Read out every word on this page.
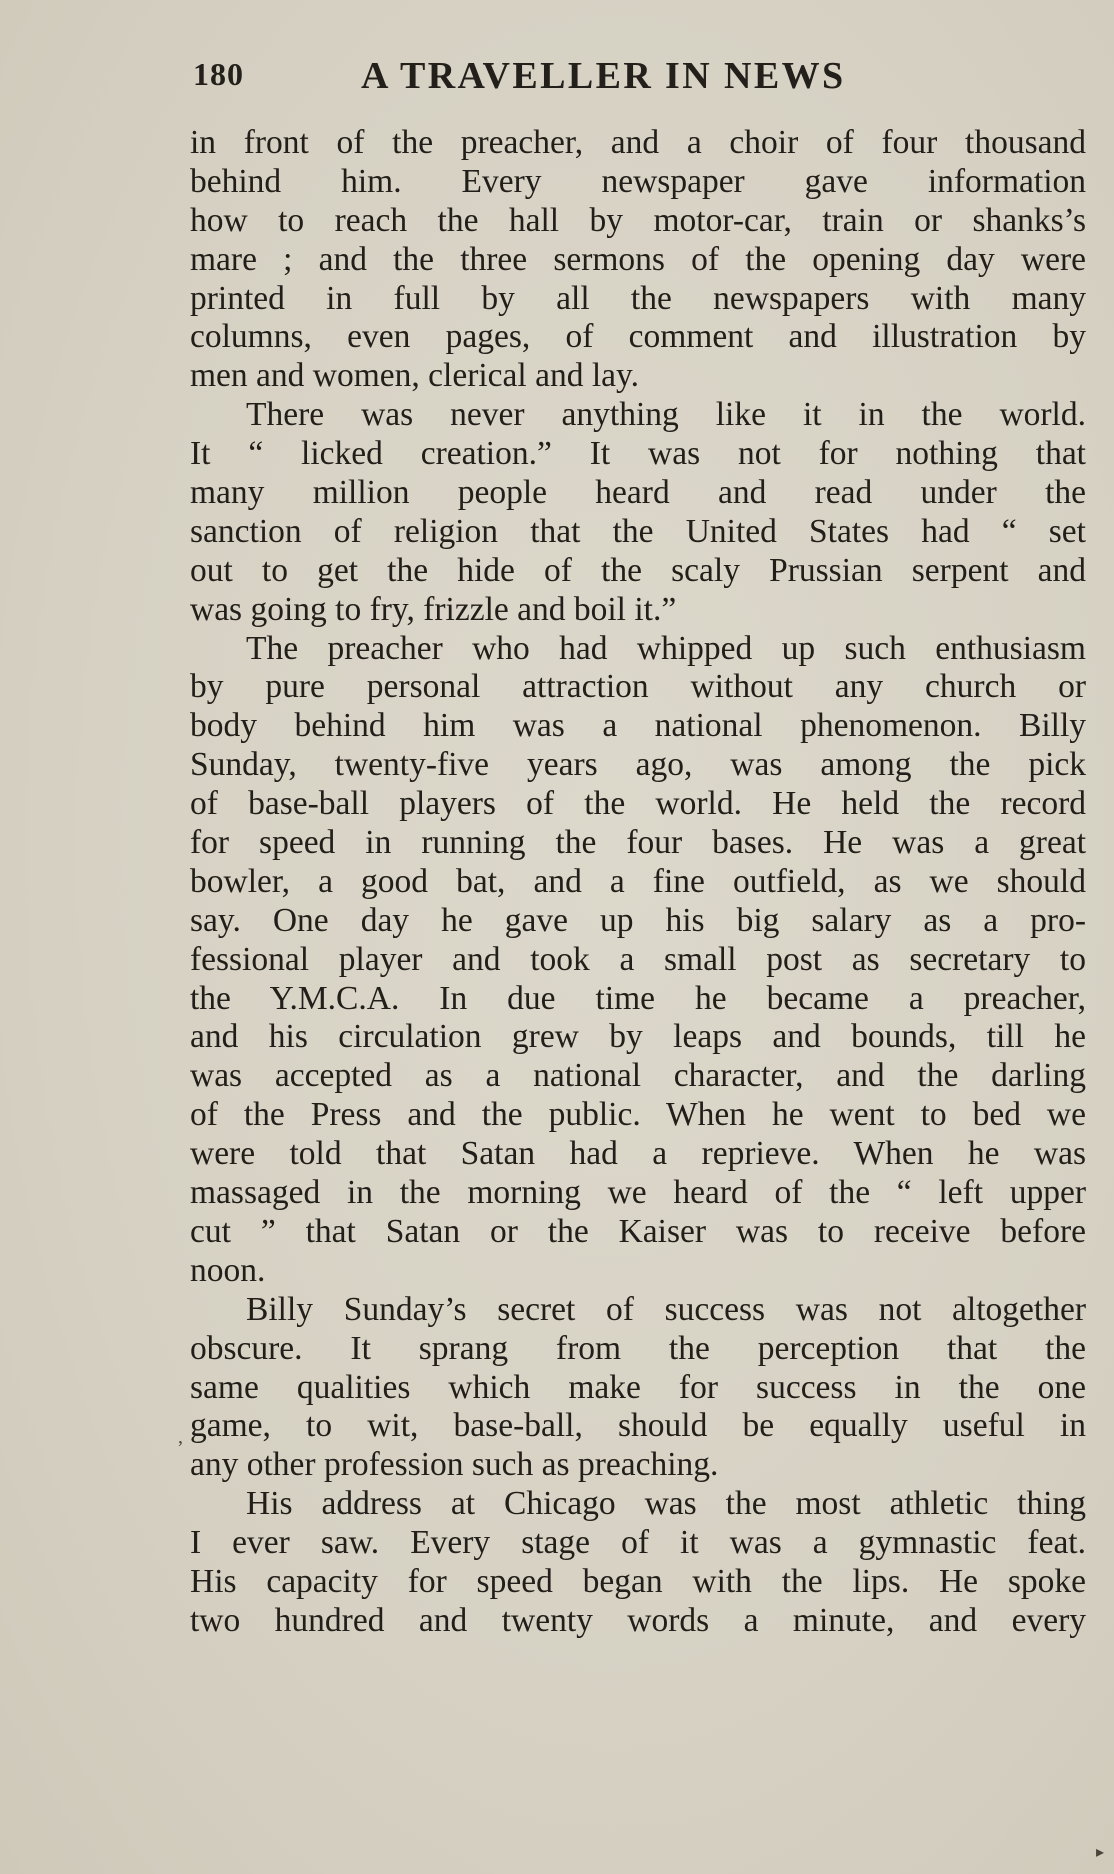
180	A TRAVELLER IN NEWS
in front of the preacher, and a choir of four thousand
behind him. Every newspaper gave information
how to reach the hall by motor-car, train or shanks’s
mare ; and the three sermons of the opening day were
printed in full by all the newspapers with many
columns, even pages, of comment and illustration by
men and women, clerical and lay.
There was never anything like it in the world.
It “ licked creation.” It was not for nothing that
many million people heard and read under the
sanction of religion that the United States had “ set
out to get the hide of the scaly Prussian serpent and
was going to fry, frizzle and boil it.”
The preacher who had whipped up such enthusiasm
by pure personal attraction without any church or
body behind him was a national phenomenon. Billy
Sunday, twenty-five years ago, was among the pick
of base-ball players of the world. He held the record
for speed in running the four bases. He was a great
bowler, a good bat, and a fine outfield, as we should
say. One day he gave up his big salary as a pro-
fessional player and took a small post as secretary to
the Y.M.C.A. In due time he became a preacher,
and his circulation grew by leaps and bounds, till he
was accepted as a national character, and the darling
of the Press and the public. When he went to bed we
were told that Satan had a reprieve. When he was
massaged in the morning we heard of the “ left upper
cut ” that Satan or the Kaiser was to receive before
noon.
Billy Sunday’s secret of success was not altogether
obscure. It sprang from the perception that the
same qualities which make for success in the one
game, to wit, base-ball, should be equally useful in
any other profession such as preaching.
His address at Chicago was the most athletic thing
I ever saw. Every stage of it was a gymnastic feat.
His capacity for speed began with the lips. He spoke
two hundred and twenty words a minute, and every
,
▸
